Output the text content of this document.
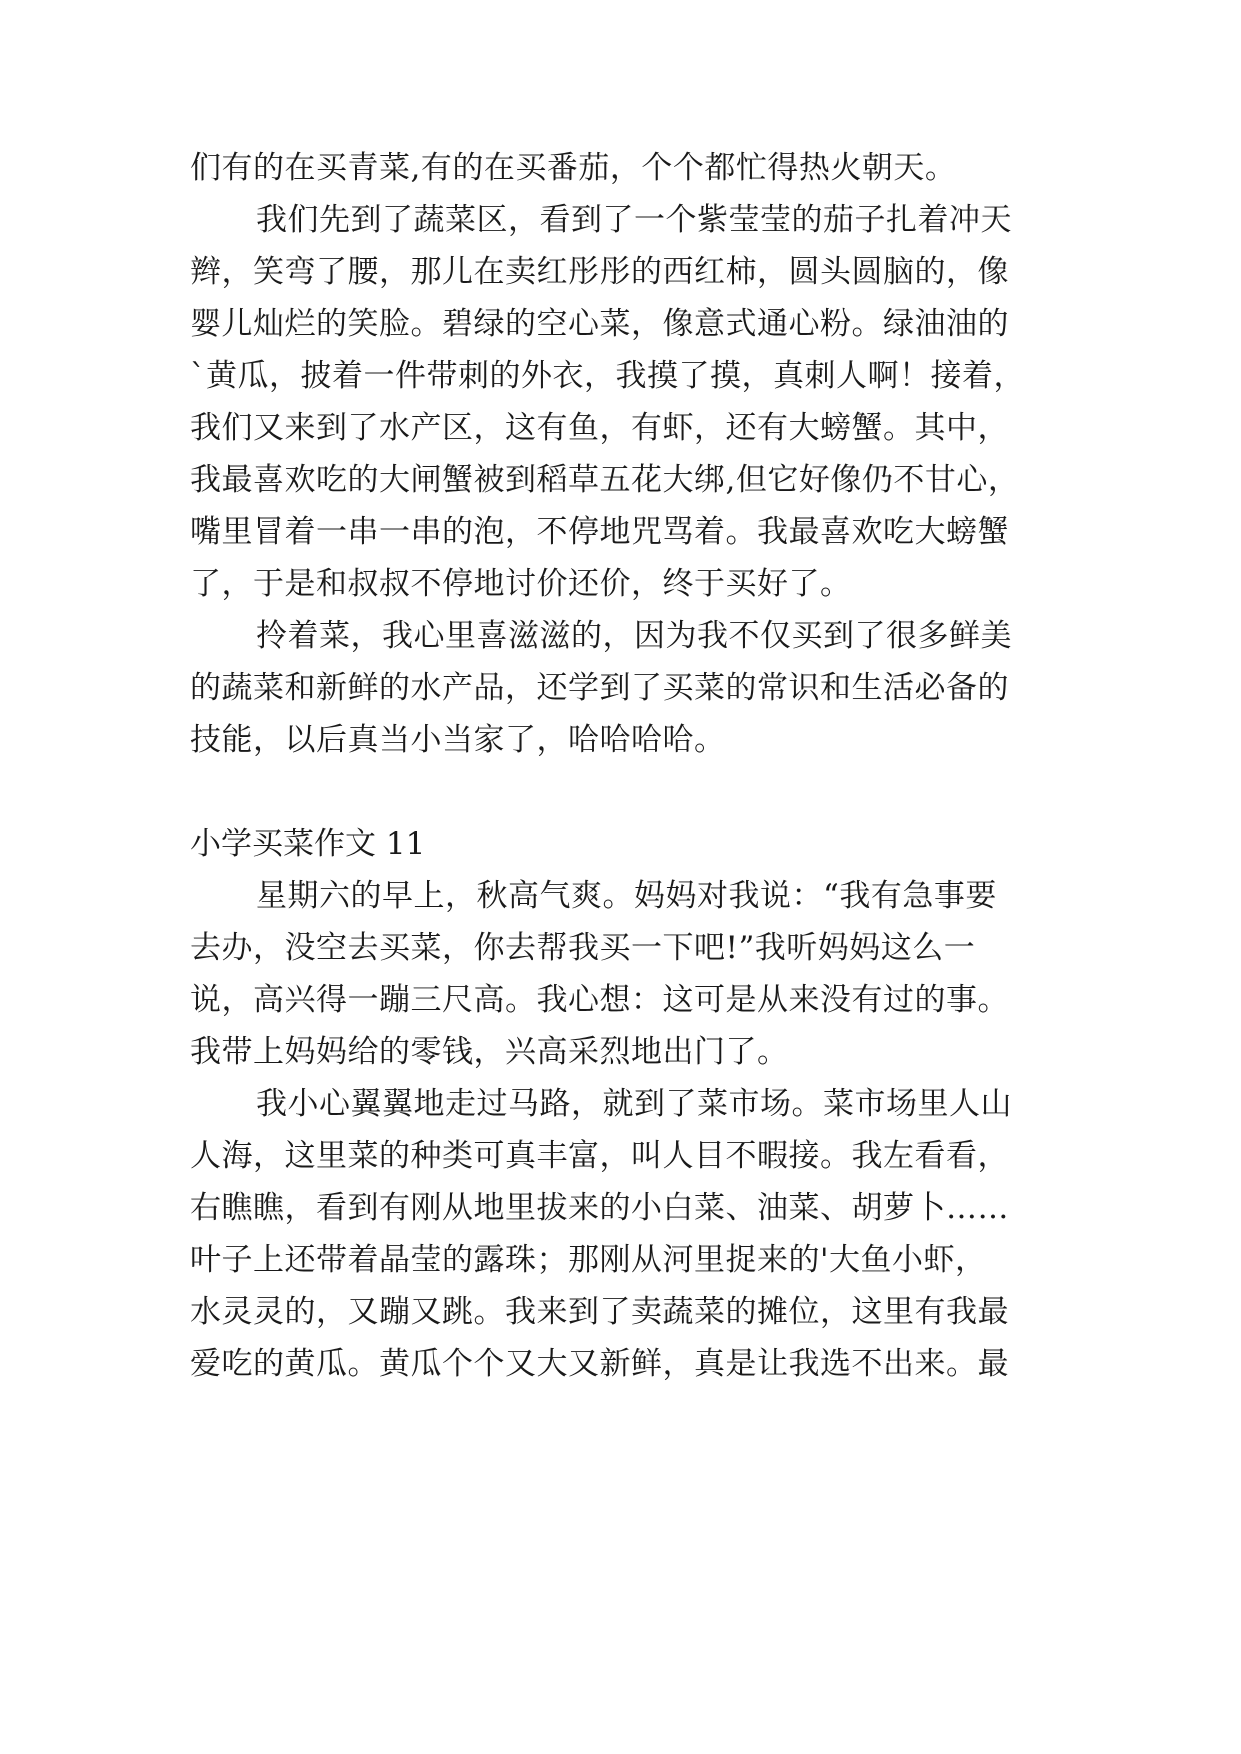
们有的在买青菜,有的在买番茄，个个都忙得热火朝天。
我们先到了蔬菜区，看到了一个紫莹莹的茄子扎着冲天
辫，笑弯了腰，那儿在卖红彤彤的西红柿，圆头圆脑的，像
婴儿灿烂的笑脸。碧绿的空心菜，像意式通心粉。绿油油的
`黄瓜，披着一件带刺的外衣，我摸了摸，真刺人啊！接着，
我们又来到了水产区，这有鱼，有虾，还有大螃蟹。其中，
我最喜欢吃的大闸蟹被到稻草五花大绑,但它好像仍不甘心，
嘴里冒着一串一串的泡，不停地咒骂着。我最喜欢吃大螃蟹
了，于是和叔叔不停地讨价还价，终于买好了。
拎着菜，我心里喜滋滋的，因为我不仅买到了很多鲜美
的蔬菜和新鲜的水产品，还学到了买菜的常识和生活必备的
技能，以后真当小当家了，哈哈哈哈。
小学买菜作文 11
星期六的早上，秋高气爽。妈妈对我说：“我有急事要
去办，没空去买菜，你去帮我买一下吧!”我听妈妈这么一
说，高兴得一蹦三尺高。我心想：这可是从来没有过的事。
我带上妈妈给的零钱，兴高采烈地出门了。
我小心翼翼地走过马路，就到了菜市场。菜市场里人山
人海，这里菜的种类可真丰富，叫人目不暇接。我左看看，
右瞧瞧，看到有刚从地里拔来的小白菜、油菜、胡萝卜……
叶子上还带着晶莹的露珠；那刚从河里捉来的'大鱼小虾，
水灵灵的，又蹦又跳。我来到了卖蔬菜的摊位，这里有我最
爱吃的黄瓜。黄瓜个个又大又新鲜，真是让我选不出来。最
